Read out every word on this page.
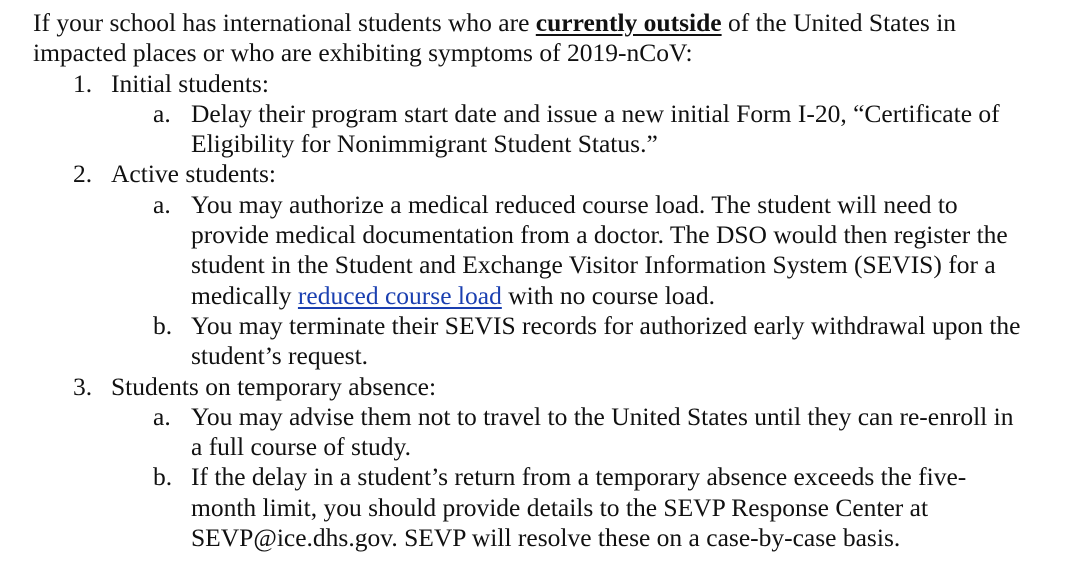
If your school has international students who are currently outside of the United States in
impacted places or who are exhibiting symptoms of 2019-nCoV:

1. Initial students:
a. Delay their program start date and issue a new initial Form I-20, “Certificate of
Eligibility for Nonimmigrant Student Status.”
2. Active students:
a. You may authorize a medical reduced course load. The student will need to
provide medical documentation from a doctor. The DSO would then register the
student in the Student and Exchange Visitor Information System (SEVIS) for a
medically reduced course load with no course load.
b. You may terminate their SEVIS records for authorized early withdrawal upon the
student’s request.
3. Students on temporary absence:
a. You may advise them not to travel to the United States until they can re-enroll in
a full course of study.
b. If the delay in a student’s return from a temporary absence exceeds the five-
month limit, you should provide details to the SEVP Response Center at
SEVP@ice.dhs.gov. SEVP will resolve these on a case-by-case basis.
